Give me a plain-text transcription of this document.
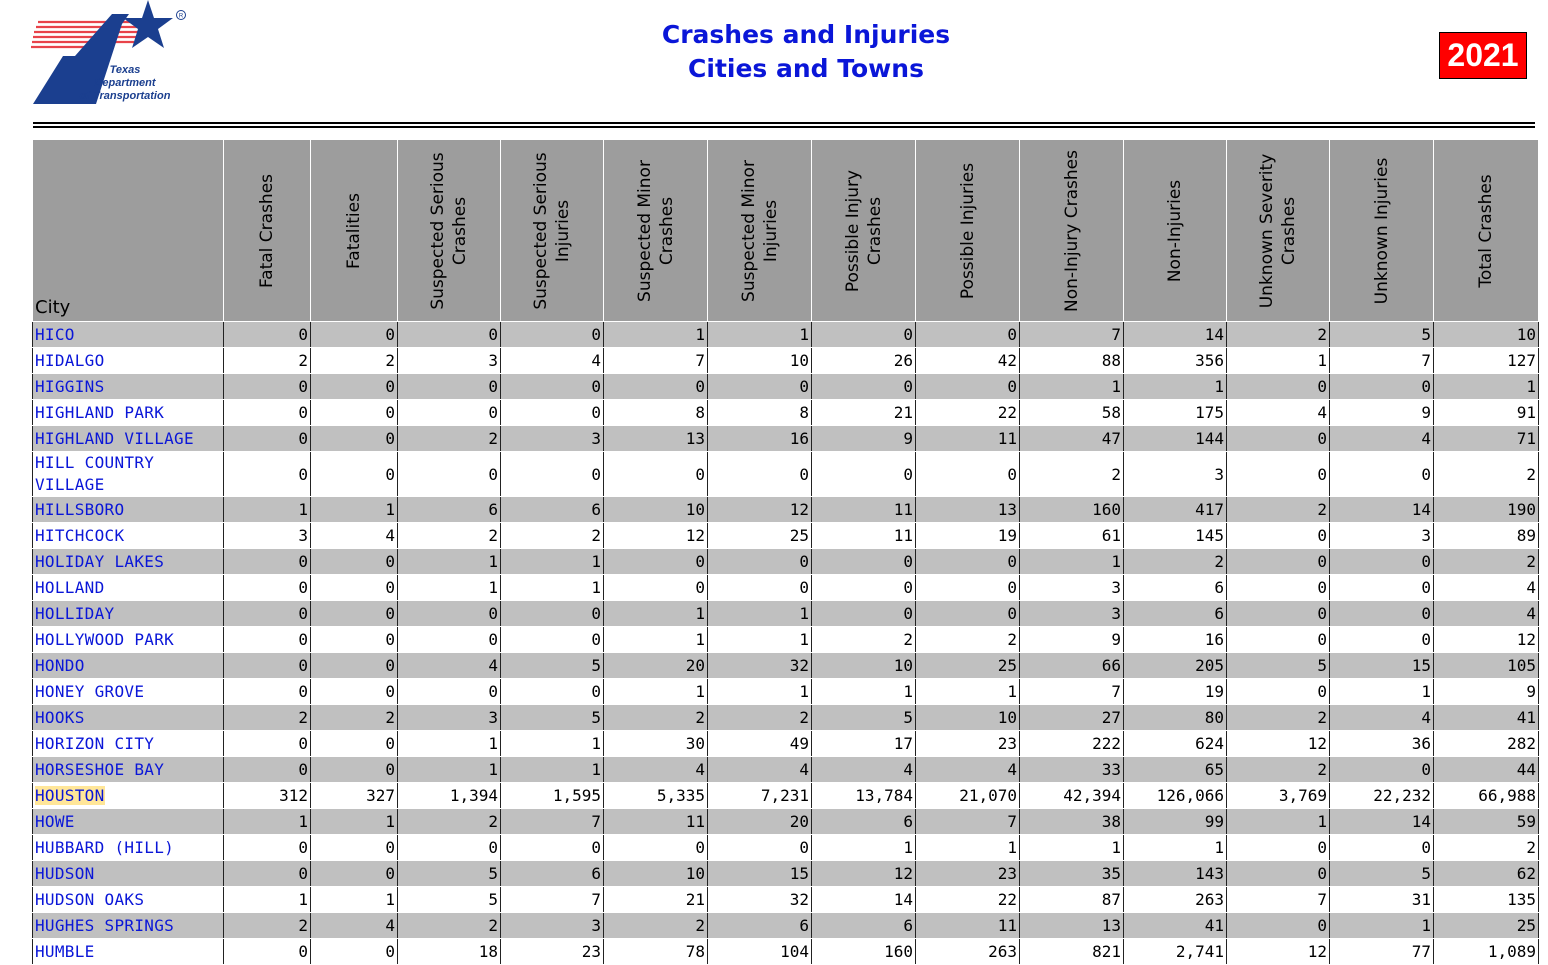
R
Texas
Department
of Transportation
Crashes and Injuries
Cities and Towns	2021
City	Fatal Crashes	Fatalities	Suspected Serious Crashes	Suspected Serious Injuries	Suspected Minor Crashes	Suspected Minor Injuries	Possible Injury Crashes	Possible Injuries	Non-Injury Crashes	Non-Injuries	Unknown Severity Crashes	Unknown Injuries	Total Crashes

HICO	0	0	0	0	1	1	0	0	7	14	2	5	10
HIDALGO	2	2	3	4	7	10	26	42	88	356	1	7	127
HIGGINS	0	0	0	0	0	0	0	0	1	1	0	0	1
HIGHLAND PARK	0	0	0	0	8	8	21	22	58	175	4	9	91
HIGHLAND VILLAGE	0	0	2	3	13	16	9	11	47	144	0	4	71
HILL COUNTRY VILLAGE	0	0	0	0	0	0	0	0	2	3	0	0	2
HILLSBORO	1	1	6	6	10	12	11	13	160	417	2	14	190
HITCHCOCK	3	4	2	2	12	25	11	19	61	145	0	3	89
HOLIDAY LAKES	0	0	1	1	0	0	0	0	1	2	0	0	2
HOLLAND	0	0	1	1	0	0	0	0	3	6	0	0	4
HOLLIDAY	0	0	0	0	1	1	0	0	3	6	0	0	4
HOLLYWOOD PARK	0	0	0	0	1	1	2	2	9	16	0	0	12
HONDO	0	0	4	5	20	32	10	25	66	205	5	15	105
HONEY GROVE	0	0	0	0	1	1	1	1	7	19	0	1	9
HOOKS	2	2	3	5	2	2	5	10	27	80	2	4	41
HORIZON CITY	0	0	1	1	30	49	17	23	222	624	12	36	282
HORSESHOE BAY	0	0	1	1	4	4	4	4	33	65	2	0	44
HOUSTON	312	327	1,394	1,595	5,335	7,231	13,784	21,070	42,394	126,066	3,769	22,232	66,988
HOWE	1	1	2	7	11	20	6	7	38	99	1	14	59
HUBBARD (HILL)	0	0	0	0	0	0	1	1	1	1	0	0	2
HUDSON	0	0	5	6	10	15	12	23	35	143	0	5	62
HUDSON OAKS	1	1	5	7	21	32	14	22	87	263	7	31	135
HUGHES SPRINGS	2	4	2	3	2	6	6	11	13	41	0	1	25
HUMBLE	0	0	18	23	78	104	160	263	821	2,741	12	77	1,089
